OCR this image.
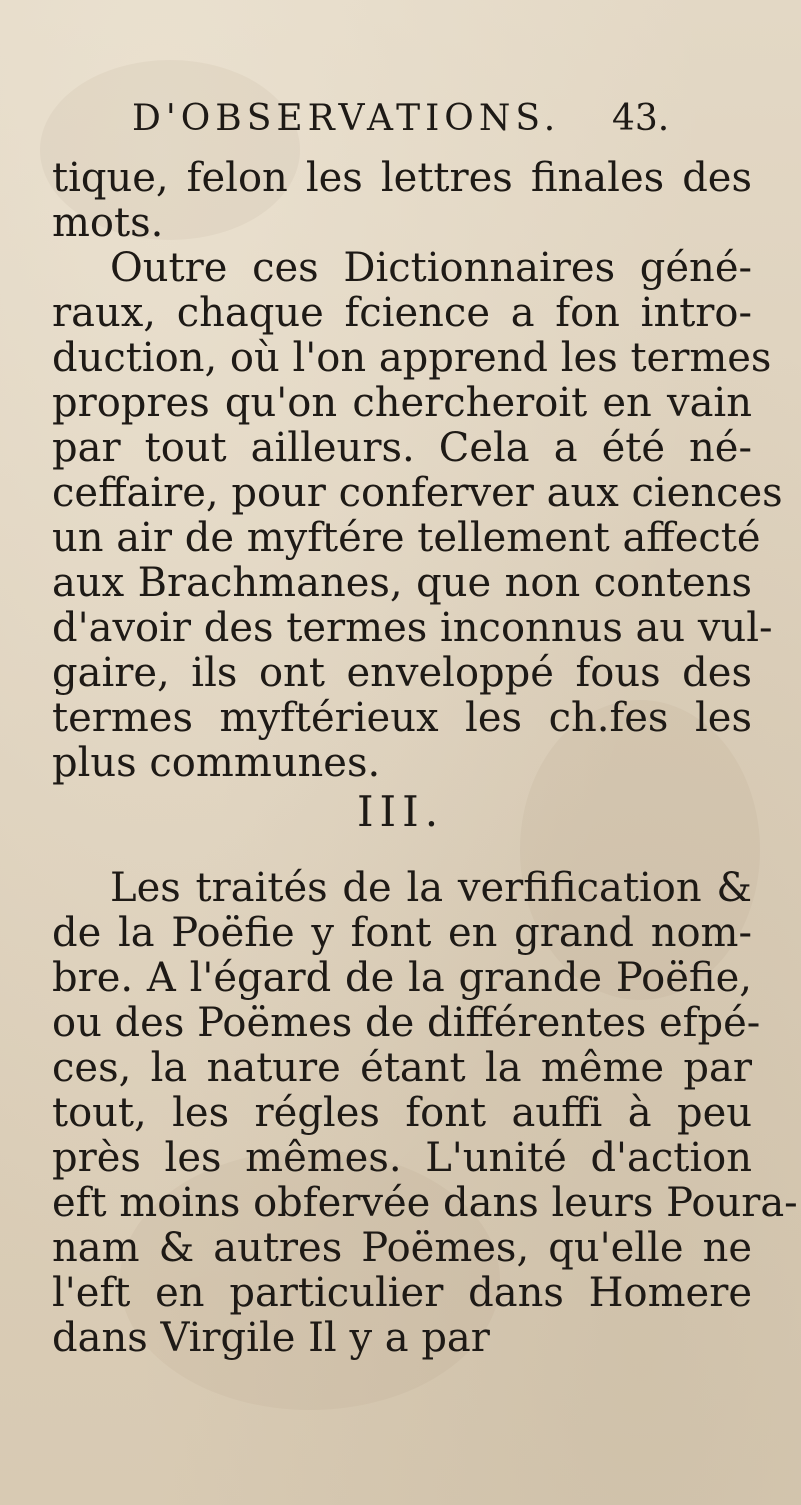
D'OBSERVATIONS. 43.
tique, felon les lettres finales des
mots.
Outre ces Dictionnaires géné-
raux, chaque fcience a fon intro-
duction, où l'on apprend les termes
propres qu'on chercheroit en vain
par tout ailleurs. Cela a été né-
ceffaire, pour conferver aux ciences
un air de myftére tellement affecté
aux Brachmanes, que non contens
d'avoir des termes inconnus au vul-
gaire, ils ont enveloppé fous des
termes myftérieux les ch.fes les
plus communes.
III.
Les traités de la verfification &
de la Poëfie y font en grand nom-
bre. A l'égard de la grande Poëfie,
ou des Poëmes de différentes efpé-
ces, la nature étant la même par
tout, les régles font auffi à peu
près les mêmes. L'unité d'action
eft moins obfervée dans leurs Poura-
nam & autres Poëmes, qu'elle ne
l'eft en particulier dans Homere
dans Virgile Il y a par
